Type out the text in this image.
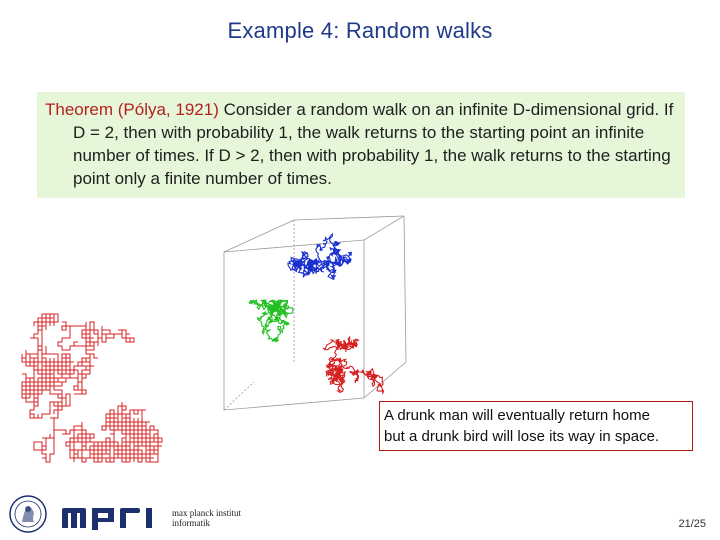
Example 4: Random walks

Theorem (Pólya, 1921) Consider a random walk on an infinite D-dimensional grid. If D = 2, then with probability 1, the walk returns to the starting point an infinite number of times. If D > 2, then with probability 1, the walk returns to the starting point only a finite number of times.

A drunk man will eventually return home
but a drunk bird will lose its way in space.
max planck institut
informatik	21/25
